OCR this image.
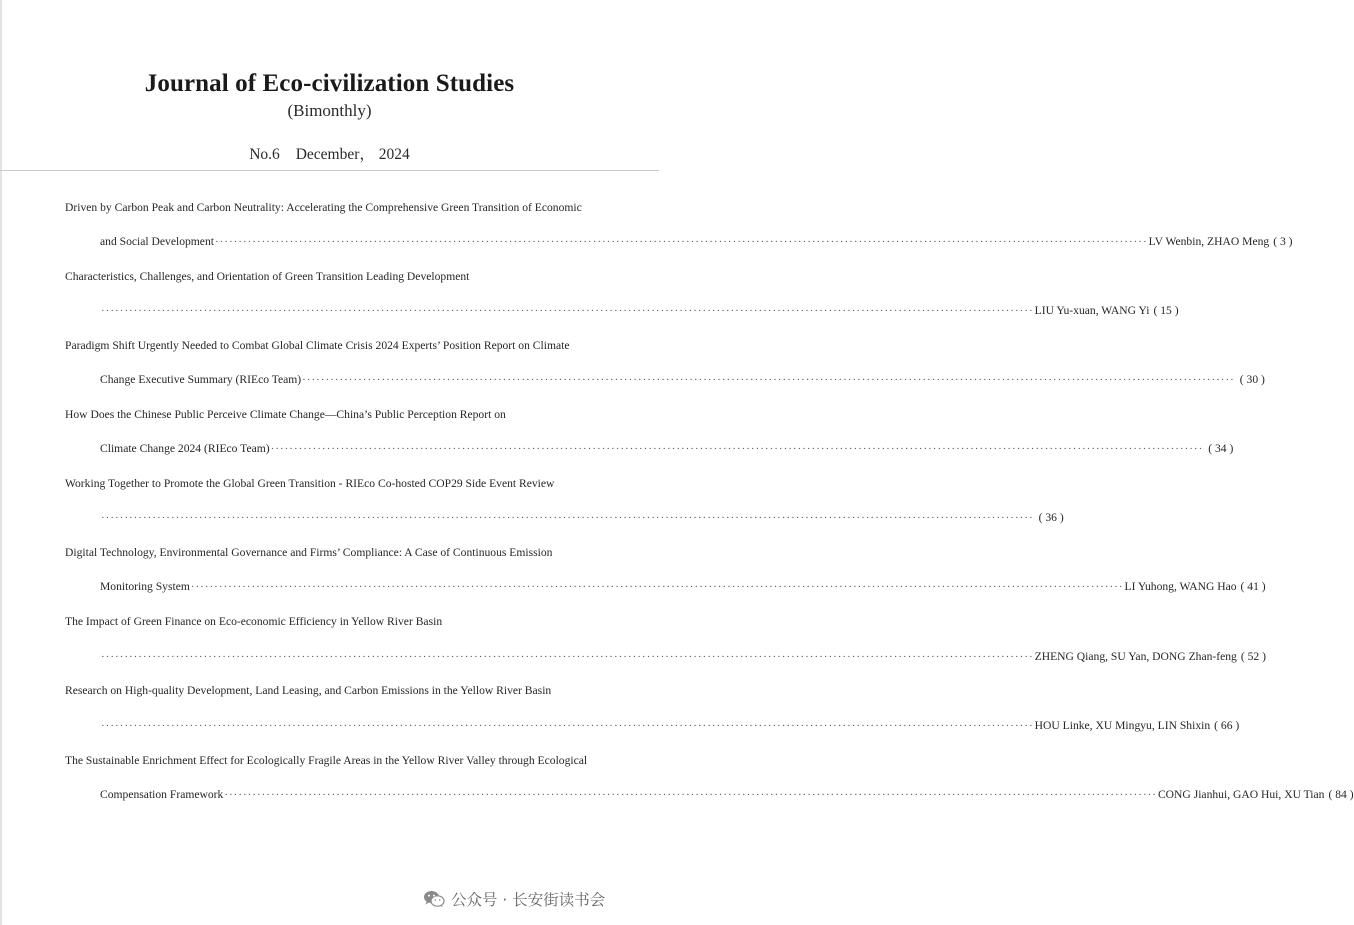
Journal of Eco-civilization Studies
(Bimonthly)
No.6 December， 2024
Driven by Carbon Peak and Carbon Neutrality: Accelerating the Comprehensive Green Transition of Economic
and Social Development ········································································································································································································ LV Wenbin, ZHAO Meng ( 3 )
Characteristics, Challenges, and Orientation of Green Transition Leading Development
········································································································································································································ LIU Yu-xuan, WANG Yi ( 15 )
Paradigm Shift Urgently Needed to Combat Global Climate Crisis 2024 Experts’ Position Report on Climate
Change Executive Summary (RIEco Team) ········································································································································································································ ( 30 )
How Does the Chinese Public Perceive Climate Change—China’s Public Perception Report on
Climate Change 2024 (RIEco Team) ········································································································································································································ ( 34 )
Working Together to Promote the Global Green Transition - RIEco Co-hosted COP29 Side Event Review
········································································································································································································ ( 36 )
Digital Technology, Environmental Governance and Firms’ Compliance: A Case of Continuous Emission
Monitoring System ········································································································································································································ LI Yuhong, WANG Hao ( 41 )
The Impact of Green Finance on Eco-economic Efficiency in Yellow River Basin
········································································································································································································ ZHENG Qiang, SU Yan, DONG Zhan-feng ( 52 )
Research on High-quality Development, Land Leasing, and Carbon Emissions in the Yellow River Basin
········································································································································································································ HOU Linke, XU Mingyu, LIN Shixin ( 66 )
The Sustainable Enrichment Effect for Ecologically Fragile Areas in the Yellow River Valley through Ecological
Compensation Framework ········································································································································································································ CONG Jianhui, GAO Hui, XU Tian ( 84 )
公众号 · 长安街读书会
